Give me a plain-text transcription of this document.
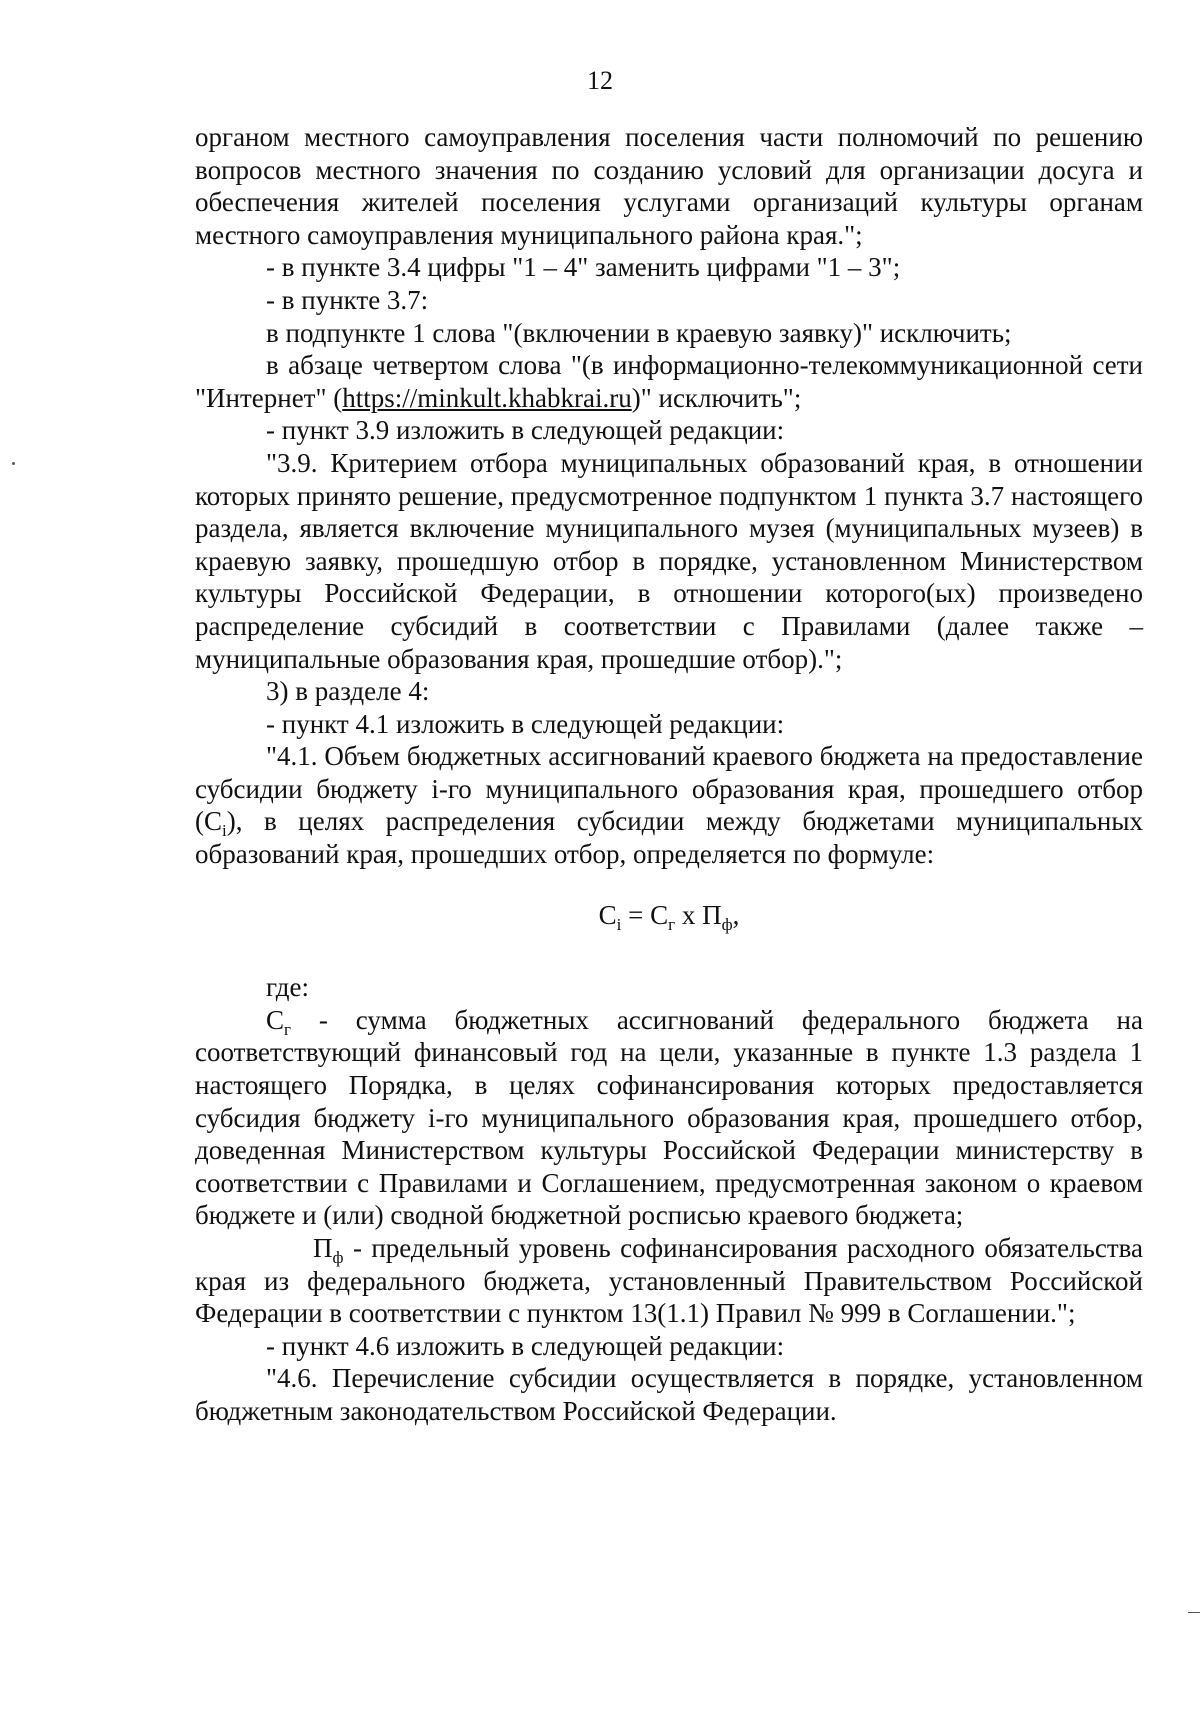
12

органом местного самоуправления поселения части полномочий по решению вопросов местного значения по созданию условий для организации досуга и обеспечения жителей поселения услугами организаций культуры органам местного самоуправления муниципального района края.";

- в пункте 3.4 цифры "1 – 4" заменить цифрами "1 – 3";

- в пункте 3.7:

в подпункте 1 слова "(включении в краевую заявку)" исключить;

в абзаце четвертом слова "(в информационно-телекоммуникационной сети "Интернет" (https://minkult.khabkrai.ru)" исключить";

- пункт 3.9 изложить в следующей редакции:

"3.9. Критерием отбора муниципальных образований края, в отношении которых принято решение, предусмотренное подпунктом 1 пункта 3.7 настоящего раздела, является включение муниципального музея (муниципальных музеев) в краевую заявку, прошедшую отбор в порядке, установленном Министерством культуры Российской Федерации, в отношении которого(ых) произведено распределение субсидий в соответствии с Правилами (далее также – муниципальные образования края, прошедшие отбор).";

3) в разделе 4:

- пункт 4.1 изложить в следующей редакции:

"4.1. Объем бюджетных ассигнований краевого бюджета на предоставление субсидии бюджету i-го муниципального образования края, прошедшего отбор $(С_i)$, в целях распределения субсидии между бюджетами муниципальных образований края, прошедших отбор, определяется по формуле:

$С_i = С_г$ х $П_ф$,

где:

$С_г$ - сумма бюджетных ассигнований федерального бюджета на соответствующий финансовый год на цели, указанные в пункте 1.3 раздела 1 настоящего Порядка, в целях софинансирования которых предоставляется субсидия бюджету i-го муниципального образования края, прошедшего отбор, доведенная Министерством культуры Российской Федерации министерству в соответствии с Правилами и Соглашением, предусмотренная законом о краевом бюджете и (или) сводной бюджетной росписью краевого бюджета;

$П_ф$ - предельный уровень софинансирования расходного обязательства края из федерального бюджета, установленный Правительством Российской Федерации в соответствии с пунктом 13(1.1) Правил № 999 в Соглашении.";

- пункт 4.6 изложить в следующей редакции:

"4.6. Перечисление субсидии осуществляется в порядке, установленном бюджетным законодательством Российской Федерации.
